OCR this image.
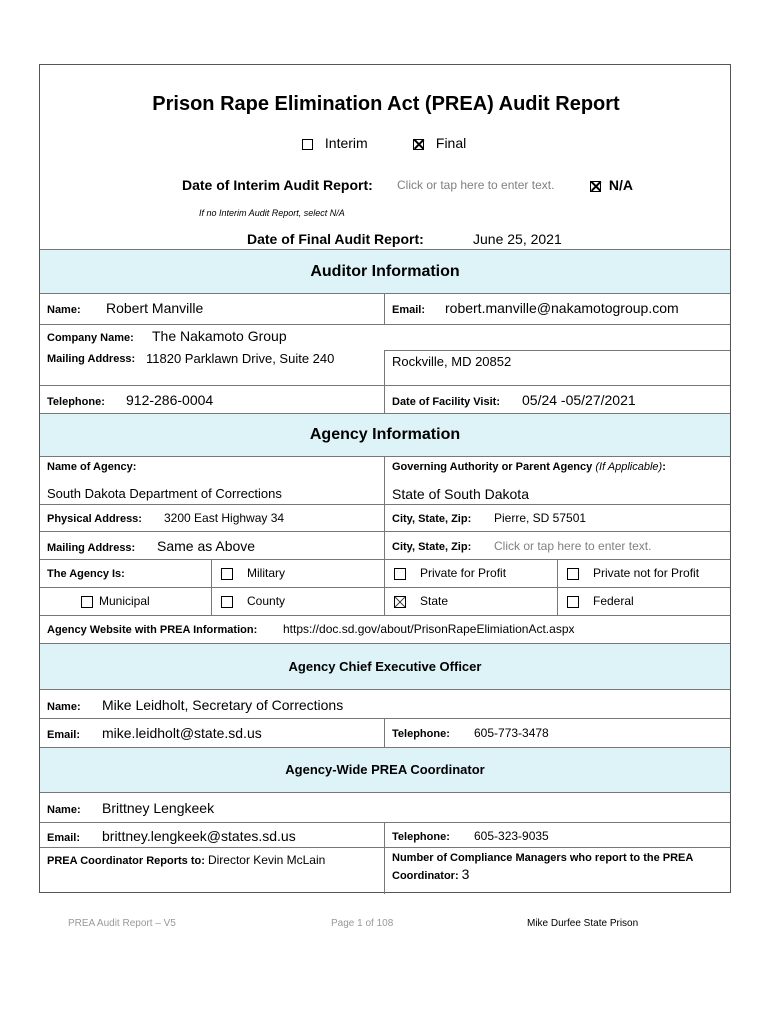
Prison Rape Elimination Act (PREA) Audit Report
Interim	Final
Date of Interim Audit Report: Click or tap here to enter text.	N/A
If no Interim Audit Report, select N/A
Date of Final Audit Report:	June 25, 2021
Auditor Information
Name: Robert Manville	Email: robert.manville@nakamotogroup.com
Company Name: The Nakamoto Group
Mailing Address: 11820 Parklawn Drive, Suite 240	Rockville, MD 20852
Telephone: 912-286-0004	Date of Facility Visit: 05/24 -05/27/2021
Agency Information
Name of Agency:	Governing Authority or Parent Agency (If Applicable):
South Dakota Department of Corrections	State of South Dakota
Physical Address: 3200 East Highway 34	City, State, Zip: Pierre, SD 57501
Mailing Address: Same as Above	City, State, Zip: Click or tap here to enter text.
The Agency Is:	Military	Private for Profit	Private not for Profit
Municipal	County	State	Federal
Agency Website with PREA Information: https://doc.sd.gov/about/PrisonRapeElimiationAct.aspx
Agency Chief Executive Officer
Name: Mike Leidholt, Secretary of Corrections
Email: mike.leidholt@state.sd.us	Telephone: 605-773-3478
Agency-Wide PREA Coordinator
Name: Brittney Lengkeek
Email: brittney.lengkeek@states.sd.us	Telephone: 605-323-9035
PREA Coordinator Reports to: Director Kevin McLain	Number of Compliance Managers who report to the PREA Coordinator: 3
PREA Audit Report – V5	Page 1 of 108	Mike Durfee State Prison
